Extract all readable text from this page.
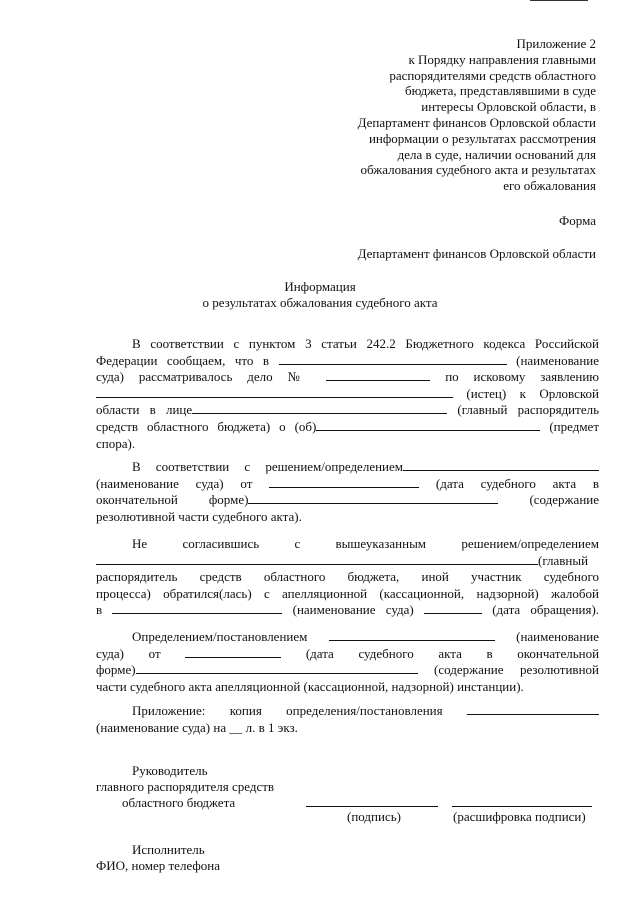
Приложение 2
к Порядку направления главными
распорядителями средств областного
бюджета, представлявшими в суде
интересы Орловской области, в
Департамент финансов Орловской области
информации о результатах рассмотрения
дела в суде, наличии оснований для
обжалования судебного акта и результатах
его обжалования
Форма
Департамент финансов Орловской области
Информация
о результатах обжалования судебного акта
В соответствии с пунктом 3 статьи 242.2 Бюджетного кодекса Российской
Федерации сообщаем, что в	(наименование
суда) рассматривалось дело №	по исковому заявлению
(истец) к Орловской
области в лице	(главный распорядитель
средств областного бюджета) о (об)	(предмет
спора).
В соответствии с решением/определением
(наименование суда) от	(дата судебного акта в
окончательной форме)	(содержание
резолютивной части судебного акта).
Не	согласившись	с	вышеуказанным	решением/определением
(главный
распорядитель средств областного бюджета, иной участник судебного
процесса) обратился(лась) с апелляционной (кассационной, надзорной) жалобой
в	(наименование суда)	(дата обращения).
Определением/постановлением	(наименование
суда) от	(дата судебного акта в окончательной
форме)	(содержание резолютивной
части судебного акта апелляционной (кассационной, надзорной) инстанции).
Приложение: копия определения/постановления
(наименование суда) на __ л. в 1 экз.
Руководитель
главного распорядителя средств
областного бюджета
(подпись)	(расшифровка подписи)
Исполнитель
ФИО, номер телефона
